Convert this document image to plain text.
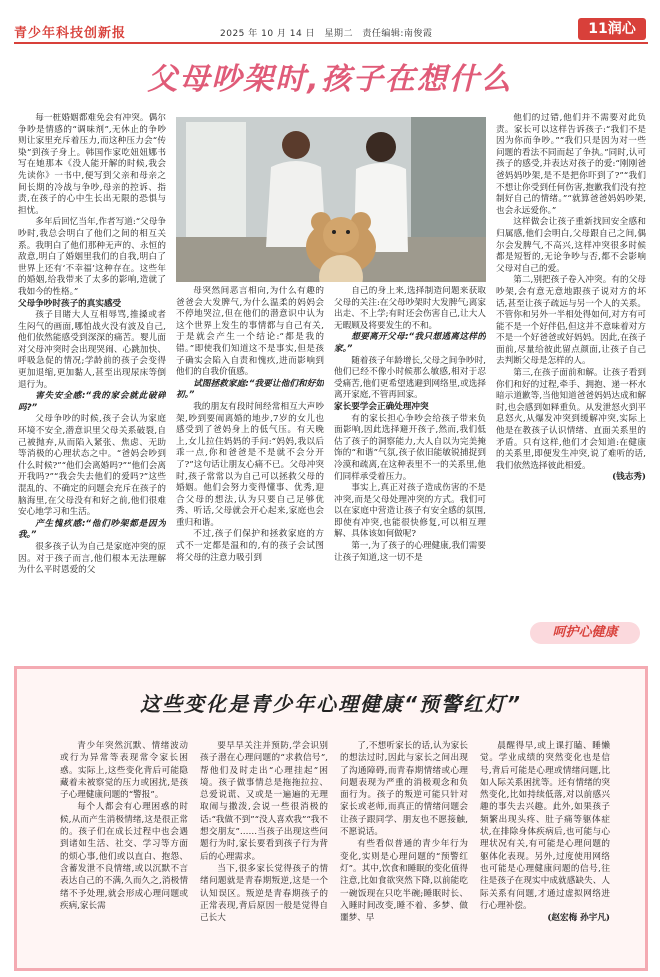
青少年科技创新报	2025 年 10 月 14 日 星期二 责任编辑:南俊霞	11润心
父母吵架时,孩子在想什么

每一桩婚姻都难免会有冲突。偶尔争吵是情感的“调味剂”,无休止的争吵则让家里充斥着压力,而这种压力会“传染”到孩子身上。韩国作家吃妞妞娜书写在她那本《没人能开解的时候,我会先读你》一书中,便写到父亲和母亲之间长期的冷战与争吵,母亲的控诉、指责,在孩子的心中生长出无限的恐惧与担忧。

多年后回忆当年,作者写道:“父母争吵时,我总会明白了他们之间的相互关系。我明白了他们那种无声的、永恒的敌意,明白了婚姻里我们的自我,明白了世界上还有‘不幸福’这种存在。这些年的婚姻,给我带来了太多的影响,造就了我如今的性格。”

父母争吵时孩子的真实感受

孩子目睹大人互相辱骂,推搡或者生闷气的画面,哪怕战火没有波及自己,他们依然能感受到深深的痛苦。婴儿面对父母冲突时会出现哭闹、心跳加快、呼吸急促的情况;学龄前的孩子会变得更加退缩,更加黏人,甚至出现尿床等倒退行为。

害失安全感:“我的家会就此破碎吗?”

父母争吵的时候,孩子会认为家庭环境不安全,潜意识里父母关系破裂,自己被抛弃,从而陷入紧张、焦虑、无助等消极的心理状态之中。“爸妈会吵到什么时候?”“他们会离婚吗?”“他们会离开我吗?”“我会失去他们的爱吗?”这些混乱的、不确定的问题会充斥在孩子的脑海里,在父母没有和好之前,他们很难安心地学习和生活。

产生愧疚感:“他们吵架都是因为我。”

很多孩子认为自己是家庭冲突的原因。对于孩子而言,他们根本无法理解为什么平时恩爱的父

母突然间恶言相向,为什么有趣的爸爸会大发脾气,为什么温柔的妈妈会不停地哭泣,但在他们的潜意识中认为这个世界上发生的事情都与自己有关,于是就会产生一个结论:“都是我的错。”即使我们知道这不是事实,但是孩子确实会陷入自责和愧疚,进而影响到他们的自我价值感。

试图拯救家庭:“我要让他们和好如初。”

我的朋友有段时间经常相互大声吵架,吵到要闹离婚的地步,7岁的女儿也感受到了爸妈身上的低气压。有天晚上,女儿拉住妈妈的手问:“妈妈,我以后乖一点,你和爸爸是不是就不会分开了?”这句话让朋友心痛不已。父母冲突时,孩子常常以为自己可以拯救父母的婚姻。他们会努力变得懂事、优秀,迎合父母的想法,认为只要自己足够优秀、听话,父母就会开心起来,家庭也会重归和谐。

不过,孩子们保护和拯救家庭的方式不一定都是温和的,有的孩子会试图将父母的注意力吸引到

自己的身上来,选择制造问题来获取父母的关注:在父母吵架时大发脾气;离家出走、不上学;有时还会伤害自己,让大人无暇顾及将要发生的不和。

想要离开父母:“我只想逃离这样的家。”

随着孩子年龄增长,父母之间争吵时,他们已经不像小时候那么敏感,相对于忍受痛苦,他们更希望逃避到网络里,或选择离开家庭,不管再回家。

家长要学会正确处理冲突

有的家长担心争吵会给孩子带来负面影响,因此选择避开孩子,然而,我们低估了孩子的洞察能力,大人自以为完美掩饰的“和谐”气氛,孩子依旧能敏锐捕捉到冷漠和疏离,在这种表里不一的关系里,他们同样承受着压力。

事实上,真正对孩子造成伤害的不是冲突,而是父母处理冲突的方式。我们可以在家庭中营造让孩子有安全感的氛围,即使有冲突,也能很快修复,可以相互理解、具体该如何做呢?

第一,为了孩子的心理健康,我们需要让孩子知道,这一切不是

他们的过错,他们并不需要对此负责。家长可以这样告诉孩子:“我们不是因为你而争吵。”“我们只是因为对一些问题的看法不同而起了争执。”同时,认可孩子的感受,并表达对孩子的爱:“刚刚爸爸妈妈吵架,是不是把你吓到了?”“我们不想让你受到任何伤害,抱歉我们没有控制好自己的情绪。”“就算爸爸妈妈吵架,也会永远爱你。”

这样做会让孩子重新找回安全感和归属感,他们会明白,父母跟自己之间,偶尔会发脾气,不高兴,这样冲突很多时候都是短暂的,无论争吵与否,都不会影响父母对自己的爱。

第二,别把孩子卷入冲突。有的父母吵架,会有意无意地跟孩子说对方的坏话,甚至让孩子疏远与另一个人的关系。不管你和另外一半相处得如何,对方有可能不是一个好伴侣,但这并不意味着对方不是一个好爸爸或好妈妈。因此,在孩子面前,尽量给彼此留点颜面,让孩子自己去判断父母是怎样的人。

第三,在孩子面前和解。让孩子看到你们和好的过程,牵手、拥抱、递一杯水暗示道歉等,当他知道爸爸妈妈达成和解时,也会感到如释重负。从发泄怒火到平息怒火,从爆发冲突到缓解冲突,实际上他是在教孩子认识情绪、直面关系里的矛盾。只有这样,他们才会知道:在健康的关系里,即便发生冲突,说了难听的话,我们依然选择彼此相爱。

(钱志秀)

呵护心健康
这些变化是青少年心理健康“预警红灯”

青少年突然沉默、情绪波动或行为异常等表现常令家长困惑。实际上,这些变化背后可能隐藏着未被察觉的压力或困扰,是孩子心理健康问题的“警报”。

每个人都会有心理困惑的时候,从而产生消极情绪,这是很正常的。孩子们在成长过程中也会遇到诸如生活、社交、学习等方面的烦心事,他们或以直白、抱怨、含蓄发泄不良情绪,或以沉默不言表达自己的不满,久而久之,消极情绪不予处理,就会形成心理问题或疾病,家长需

要早早关注并预防,学会识别孩子潜在心理问题的“求救信号”,帮他们及时走出“心理挂起”困境。孩子做事情总是拖拖拉拉、总爱说谎、又或是一遍遍的无理取闹与撒泼,会说一些很消极的话:“我做不到”“没人喜欢我”“我不想交朋友”……当孩子出现这些问题行为时,家长要看到孩子行为背后的心理需求。

当下,很多家长觉得孩子的情绪问题就是青春期叛逆,这是一个认知误区。叛逆是青春期孩子的正常表现,背后原因一般是觉得自己长大

了,不想听家长的话,认为家长的想法过时,因此与家长之间出现了沟通障碍,而青春期情绪或心理问题表现为严重的消极观念和负面行为。孩子的叛逆可能只针对家长或老师,而真正的情绪问题会让孩子跟同学、朋友也不愿接触,不愿说话。

有些看似普通的青少年行为变化,实则是心理问题的“预警红灯”。其中,饮食和睡眠的变化值得注意,比如食欲突然下降,以前能吃一碗饭现在只吃半碗;睡眠时长、入睡时间改变,睡不着、多梦、做噩梦、早

晨醒得早,或上课打瞌、睡懒觉。学业成绩的突然变化也是信号,背后可能是心理或情绪问题,比如人际关系困扰等。还有情绪的突然变化,比如持续低落,对以前感兴趣的事失去兴趣。此外,如果孩子频繁出现头疼、肚子痛等躯体症状,在排除身体疾病后,也可能与心理状况有关,有可能是心理问题的躯体化表现。另外,过度使用网络也可能是心理健康问题的信号,往往是孩子在现实中成就感缺失、人际关系有问题,才通过虚拟网络进行心理补偿。

(赵宏梅 孙宇凡)
